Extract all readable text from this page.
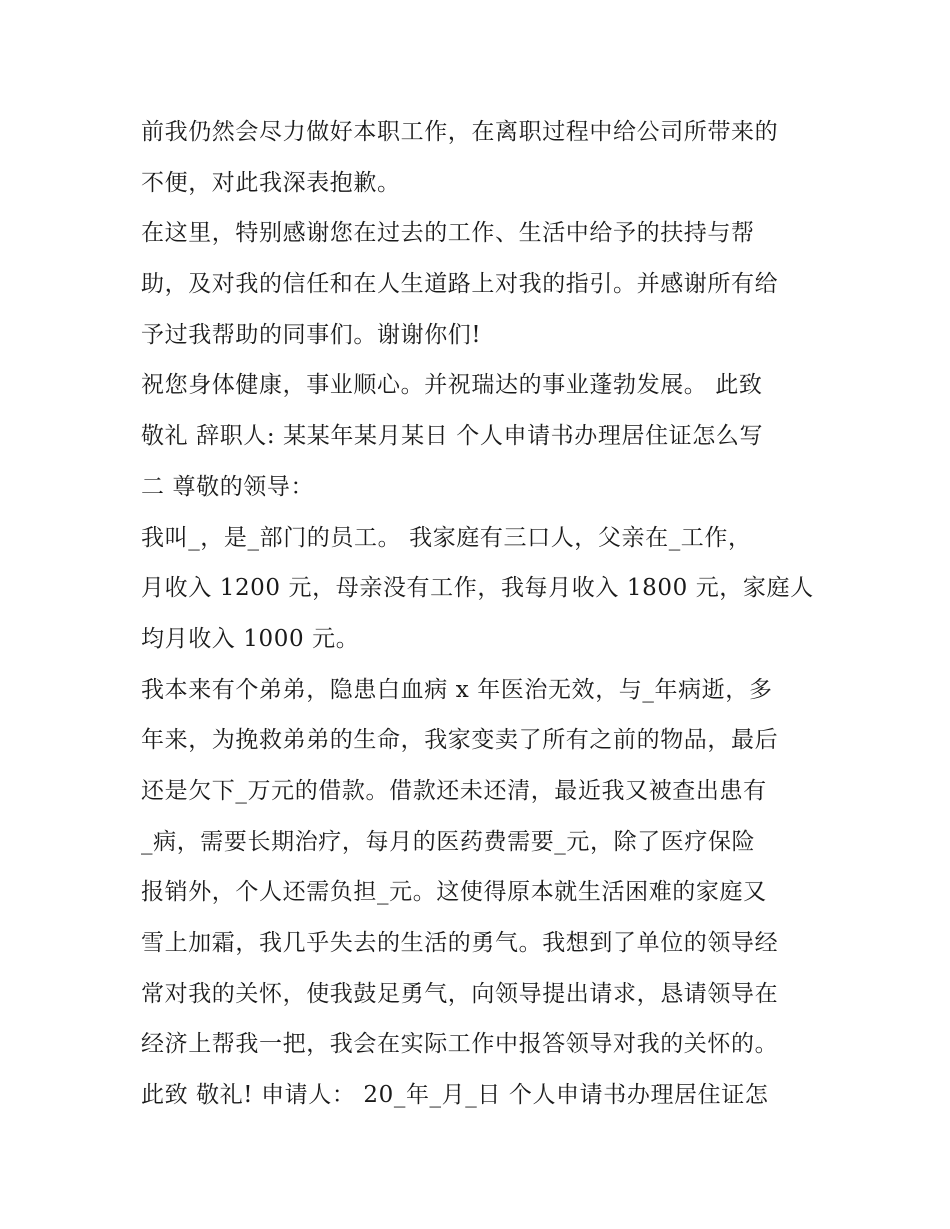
前我仍然会尽力做好本职工作，在离职过程中给公司所带来的
不便，对此我深表抱歉。
在这里，特别感谢您在过去的工作、生活中给予的扶持与帮
助，及对我的信任和在人生道路上对我的指引。并感谢所有给
予过我帮助的同事们。谢谢你们!
祝您身体健康，事业顺心。并祝瑞达的事业蓬勃发展。 此致
敬礼 辞职人: 某某年某月某日 个人申请书办理居住证怎么写
二 尊敬的领导：
我叫_，是_部门的员工。 我家庭有三口人，父亲在_工作，
月收入 1200 元，母亲没有工作，我每月收入 1800 元，家庭人
均月收入 1000 元。
我本来有个弟弟，隐患白血病 x 年医治无效，与_年病逝，多
年来，为挽救弟弟的生命，我家变卖了所有之前的物品，最后
还是欠下_万元的借款。借款还未还清，最近我又被查出患有
_病，需要长期治疗，每月的医药费需要_元，除了医疗保险
报销外，个人还需负担_元。这使得原本就生活困难的家庭又
雪上加霜，我几乎失去的生活的勇气。我想到了单位的领导经
常对我的关怀，使我鼓足勇气，向领导提出请求，恳请领导在
经济上帮我一把，我会在实际工作中报答领导对我的关怀的。
此致 敬礼! 申请人： 20_年_月_日 个人申请书办理居住证怎
